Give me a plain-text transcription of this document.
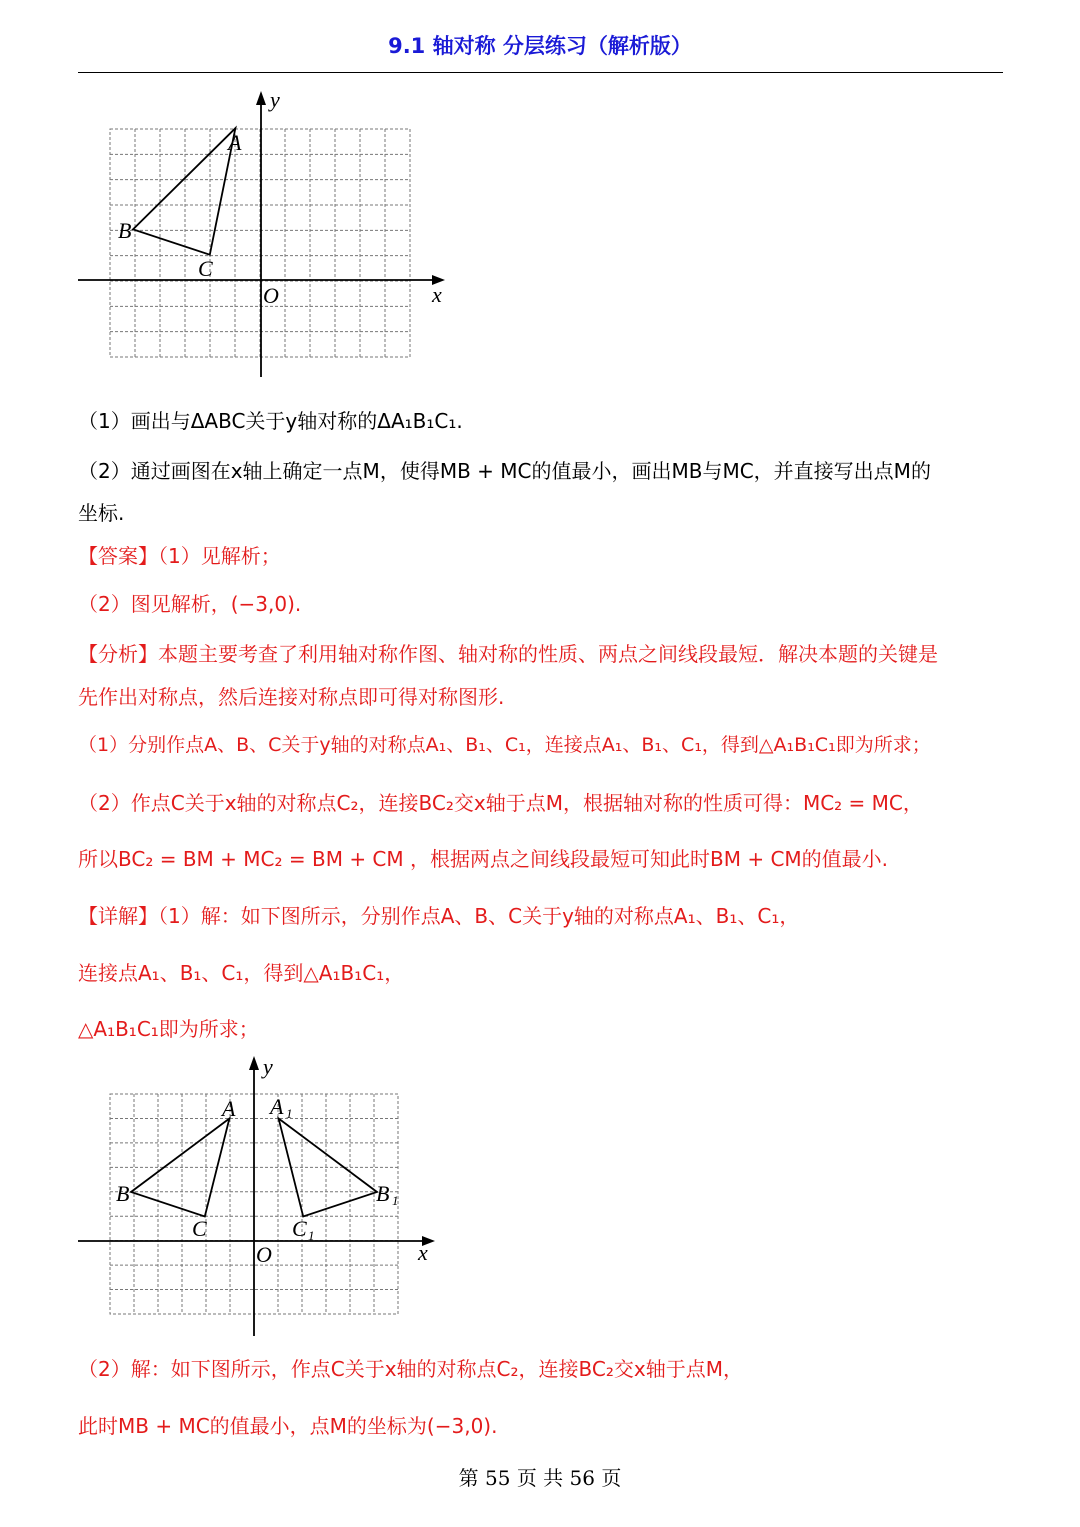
9.1 轴对称 分层练习（解析版）
y
x
O
A
B
C
（1）画出与ΔABC关于y轴对称的ΔA₁B₁C₁.
（2）通过画图在x轴上确定一点M，使得MB + MC的值最小，画出MB与MC，并直接写出点M的
坐标.
【答案】（1）见解析；
（2）图见解析，(−3,0).
【分析】本题主要考查了利用轴对称作图、轴对称的性质、两点之间线段最短．解决本题的关键是
先作出对称点，然后连接对称点即可得对称图形.
（1）分别作点A、B、C关于y轴的对称点A₁、B₁、C₁，连接点A₁、B₁、C₁，得到△A₁B₁C₁即为所求；
（2）作点C关于x轴的对称点C₂，连接BC₂交x轴于点M，根据轴对称的性质可得：MC₂ = MC，
所以BC₂ = BM + MC₂ = BM + CM ，根据两点之间线段最短可知此时BM + CM的值最小.
【详解】（1）解：如下图所示，分别作点A、B、C关于y轴的对称点A₁、B₁、C₁，
连接点A₁、B₁、C₁，得到△A₁B₁C₁，
△A₁B₁C₁即为所求；
y
x
O
A
B
C
A 1
B 1
C 1
（2）解：如下图所示，作点C关于x轴的对称点C₂，连接BC₂交x轴于点M，
此时MB + MC的值最小，点M的坐标为(−3,0).
第 55 页 共 56 页
